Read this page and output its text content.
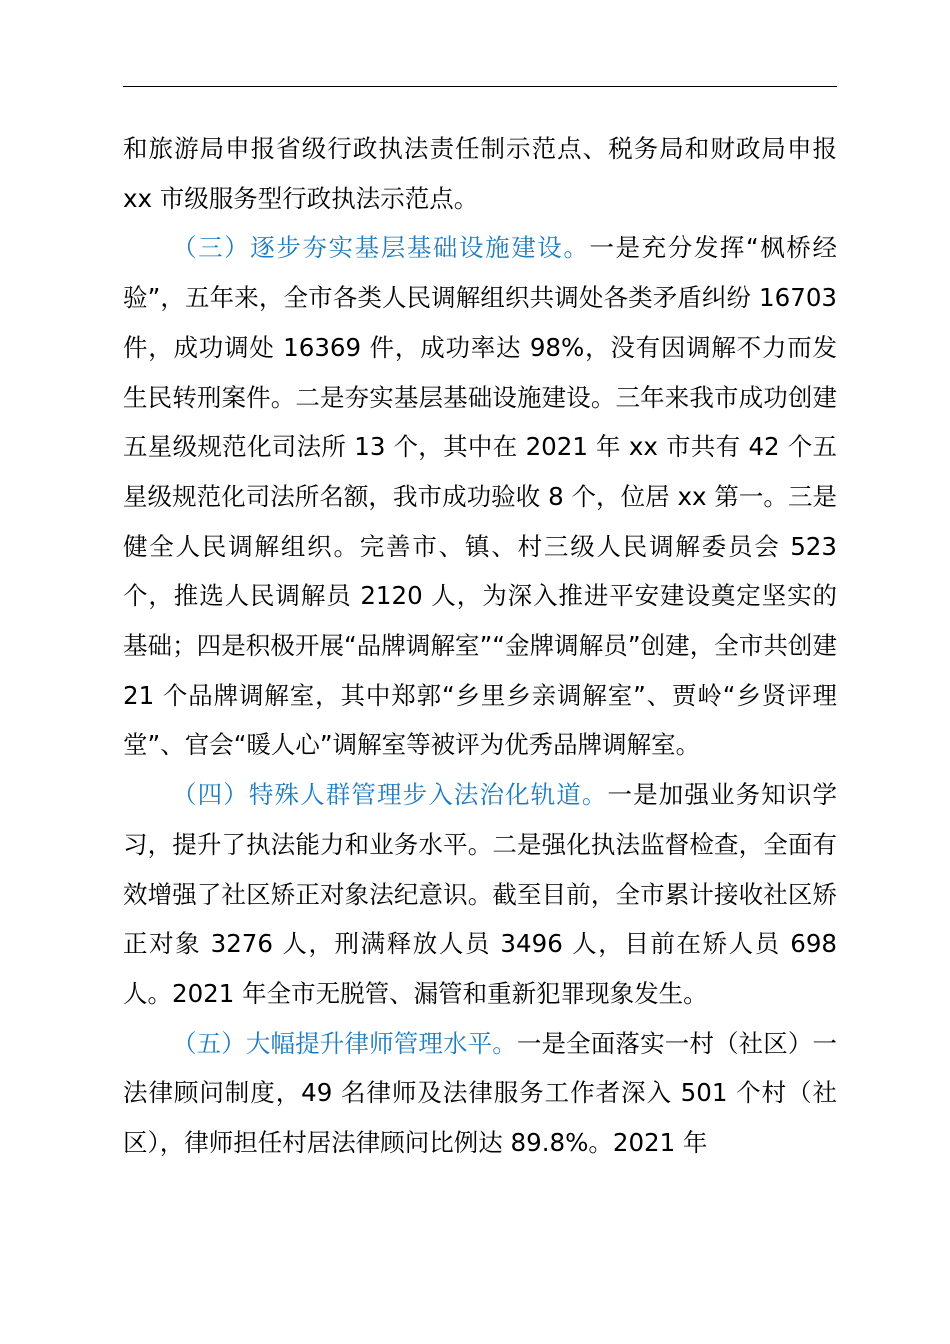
和旅游局申报省级行政执法责任制示范点、税务局和财政局申报 xx 市级服务型行政执法示范点。

（三）逐步夯实基层基础设施建设。一是充分发挥“枫桥经验”，五年来，全市各类人民调解组织共调处各类矛盾纠纷 16703 件，成功调处 16369 件，成功率达 98%，没有因调解不力而发生民转刑案件。二是夯实基层基础设施建设。三年来我市成功创建五星级规范化司法所 13 个，其中在 2021 年 xx 市共有 42 个五星级规范化司法所名额，我市成功验收 8 个，位居 xx 第一。三是健全人民调解组织。完善市、镇、村三级人民调解委员会 523 个，推选人民调解员 2120 人，为深入推进平安建设奠定坚实的基础；四是积极开展“品牌调解室”“金牌调解员”创建，全市共创建 21 个品牌调解室，其中郑郭“乡里乡亲调解室”、贾岭“乡贤评理堂”、官会“暖人心”调解室等被评为优秀品牌调解室。

（四）特殊人群管理步入法治化轨道。一是加强业务知识学习，提升了执法能力和业务水平。二是强化执法监督检查，全面有效增强了社区矫正对象法纪意识。截至目前，全市累计接收社区矫正对象 3276 人，刑满释放人员 3496 人，目前在矫人员 698 人。2021 年全市无脱管、漏管和重新犯罪现象发生。

（五）大幅提升律师管理水平。一是全面落实一村（社区）一法律顾问制度，49 名律师及法律服务工作者深入 501 个村（社区），律师担任村居法律顾问比例达 89.8%。2021 年
